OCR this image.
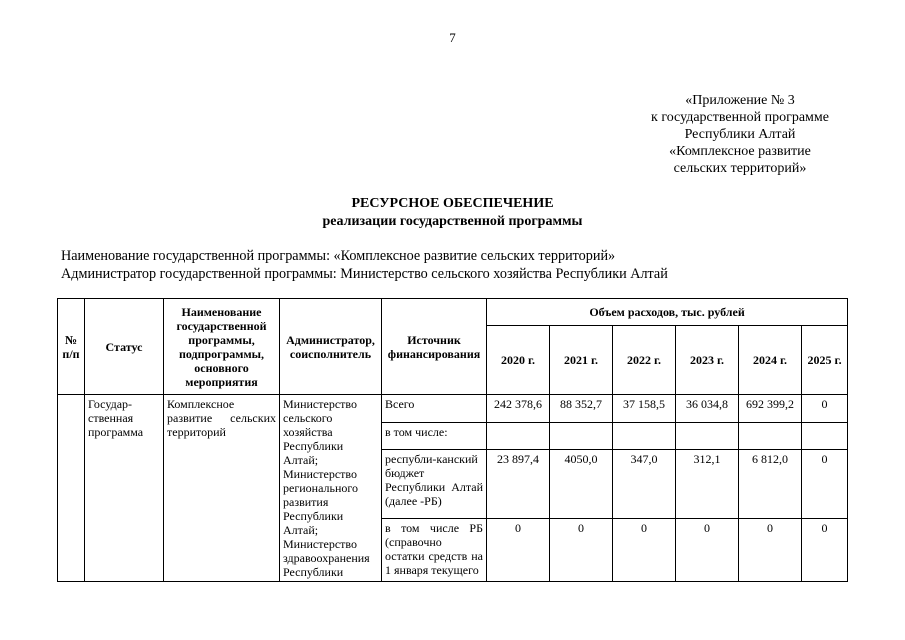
7
«Приложение № 3
к государственной программе
Республики Алтай
«Комплексное развитие
сельских территорий»
РЕСУРСНОЕ ОБЕСПЕЧЕНИЕ
реализации государственной программы
Наименование государственной программы: «Комплексное развитие сельских территорий»
Администратор государственной программы: Министерство сельского хозяйства Республики Алтай
№ п/п	Статус	Наименование государственной программы, подпрограммы, основного мероприятия	Администратор, соисполнитель	Источник финансирования	Объем расходов, тыс. рублей					
					2020 г.	2021 г.	2022 г.	2023 г.	2024 г.	2025 г.
	Государ-ственная программа	Комплексное развитие сельских территорий	Министерство сельского хозяйства Республики Алтай; Министерство регионального развития Республики Алтай; Министерство здравоохранения Республики	Всего	242 378,6	88 352,7	37 158,5	36 034,8	692 399,2	0
				в том числе:						
				республи-канский бюджет Республики Алтай (далее -РБ)	23 897,4	4050,0	347,0	312,1	6 812,0	0
				в том числе РБ (справочно остатки средств на 1 января текущего	0	0	0	0	0	0
